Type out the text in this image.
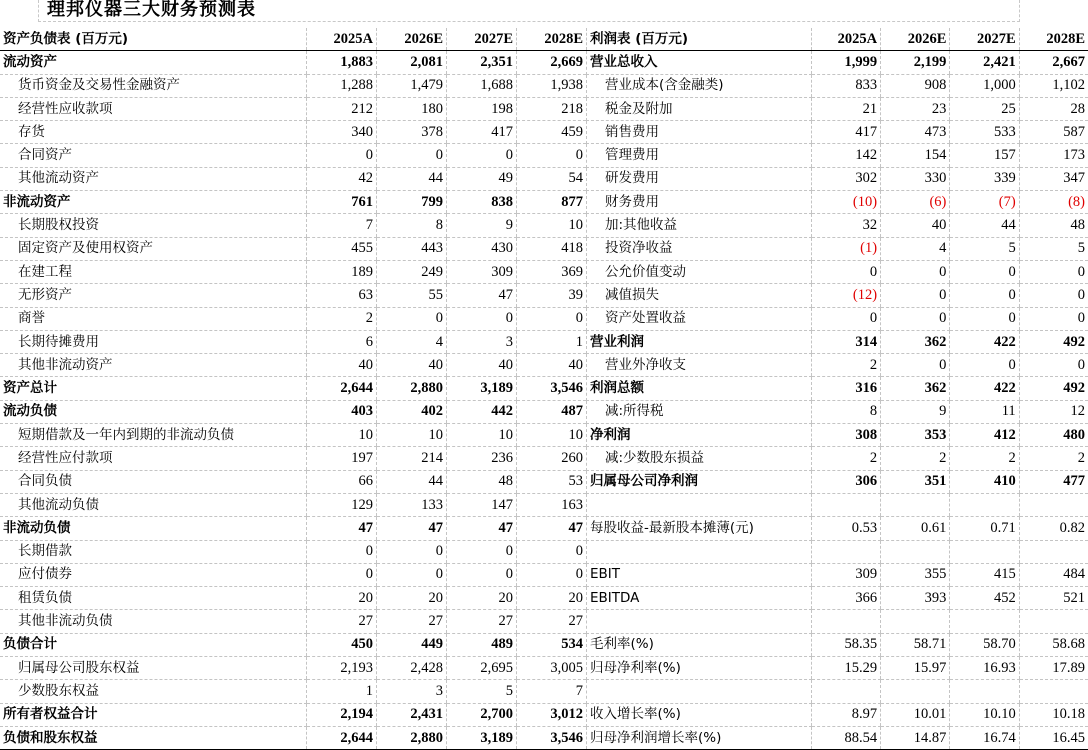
理邦仪器三大财务预测表
资产负债表 (百万元)	2025A	2026E	2027E	2028E
流动资产	1,883	2,081	2,351	2,669
货币资金及交易性金融资产	1,288	1,479	1,688	1,938
经营性应收款项	212	180	198	218
存货	340	378	417	459
合同资产	0	0	0	0
其他流动资产	42	44	49	54
非流动资产	761	799	838	877
长期股权投资	7	8	9	10
固定资产及使用权资产	455	443	430	418
在建工程	189	249	309	369
无形资产	63	55	47	39
商誉	2	0	0	0
长期待摊费用	6	4	3	1
其他非流动资产	40	40	40	40
资产总计	2,644	2,880	3,189	3,546
流动负债	403	402	442	487
短期借款及一年内到期的非流动负债	10	10	10	10
经营性应付款项	197	214	236	260
合同负债	66	44	48	53
其他流动负债	129	133	147	163
非流动负债	47	47	47	47
长期借款	0	0	0	0
应付债券	0	0	0	0
租赁负债	20	20	20	20
其他非流动负债	27	27	27	27
负债合计	450	449	489	534
归属母公司股东权益	2,193	2,428	2,695	3,005
少数股东权益	1	3	5	7
所有者权益合计	2,194	2,431	2,700	3,012
负债和股东权益	2,644	2,880	3,189	3,546
利润表 (百万元)	2025A	2026E	2027E	2028E
营业总收入	1,999	2,199	2,421	2,667
营业成本(含金融类)	833	908	1,000	1,102
税金及附加	21	23	25	28
销售费用	417	473	533	587
管理费用	142	154	157	173
研发费用	302	330	339	347
财务费用	(10)	(6)	(7)	(8)
加:其他收益	32	40	44	48
投资净收益	(1)	4	5	5
公允价值变动	0	0	0	0
减值损失	(12)	0	0	0
资产处置收益	0	0	0	0
营业利润	314	362	422	492
营业外净收支	2	0	0	0
利润总额	316	362	422	492
减:所得税	8	9	11	12
净利润	308	353	412	480
减:少数股东损益	2	2	2	2
归属母公司净利润	306	351	410	477

每股收益-最新股本摊薄(元)	0.53	0.61	0.71	0.82

EBIT	309	355	415	484
EBITDA	366	393	452	521

毛利率(%)	58.35	58.71	58.70	58.68
归母净利率(%)	15.29	15.97	16.93	17.89

收入增长率(%)	8.97	10.01	10.10	10.18
归母净利润增长率(%)	88.54	14.87	16.74	16.45
